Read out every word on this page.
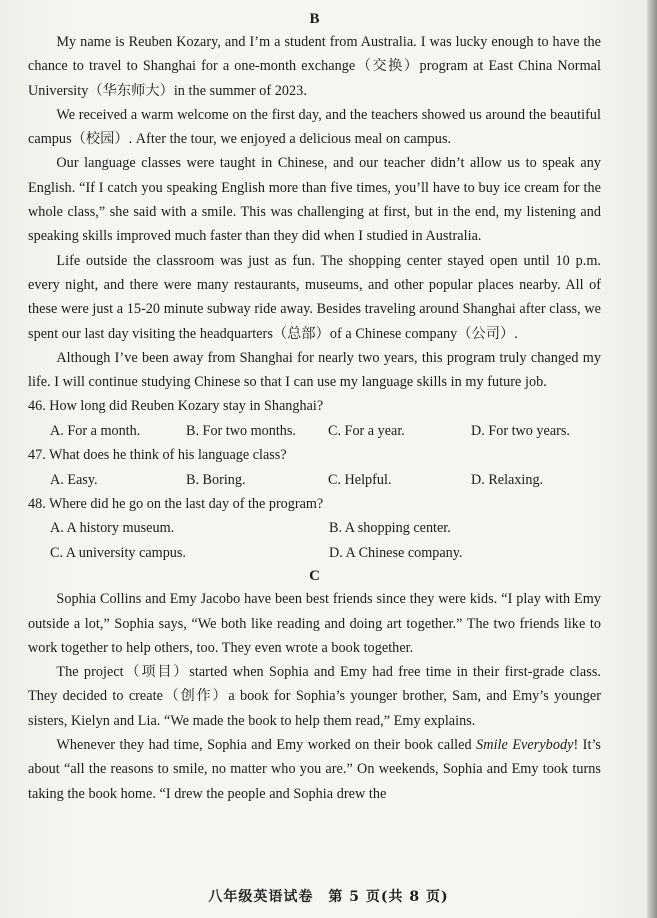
B

My name is Reuben Kozary, and I’m a student from Australia. I was lucky enough to have the chance to travel to Shanghai for a one-month exchange（交换）program at East China Normal University（华东师大）in the summer of 2023.

We received a warm welcome on the first day, and the teachers showed us around the beautiful campus（校园）. After the tour, we enjoyed a delicious meal on campus.

Our language classes were taught in Chinese, and our teacher didn’t allow us to speak any English. “If I catch you speaking English more than five times, you’ll have to buy ice cream for the whole class,” she said with a smile. This was challenging at first, but in the end, my listening and speaking skills improved much faster than they did when I studied in Australia.

Life outside the classroom was just as fun. The shopping center stayed open until 10 p.m. every night, and there were many restaurants, museums, and other popular places nearby. All of these were just a 15-20 minute subway ride away. Besides traveling around Shanghai after class, we spent our last day visiting the headquarters（总部）of a Chinese company（公司）.

Although I’ve been away from Shanghai for nearly two years, this program truly changed my life. I will continue studying Chinese so that I can use my language skills in my future job.

46. How long did Reuben Kozary stay in Shanghai?

A. For a month.	B. For two months.	C. For a year.	D. For two years.

47. What does he think of his language class?

A. Easy.	B. Boring.	C. Helpful.	D. Relaxing.

48. Where did he go on the last day of the program?

A. A history museum.	B. A shopping center.
C. A university campus.	D. A Chinese company.
C

Sophia Collins and Emy Jacobo have been best friends since they were kids. “I play with Emy outside a lot,” Sophia says, “We both like reading and doing art together.” The two friends like to work together to help others, too. They even wrote a book together.

The project（项目）started when Sophia and Emy had free time in their first-grade class. They decided to create（创作）a book for Sophia’s younger brother, Sam, and Emy’s younger sisters, Kielyn and Lia. “We made the book to help them read,” Emy explains.

Whenever they had time, Sophia and Emy worked on their book called Smile Everybody! It’s about “all the reasons to smile, no matter who you are.” On weekends, Sophia and Emy took turns taking the book home. “I drew the people and Sophia drew the

八年级英语试卷　第 5 页(共 8 页)
